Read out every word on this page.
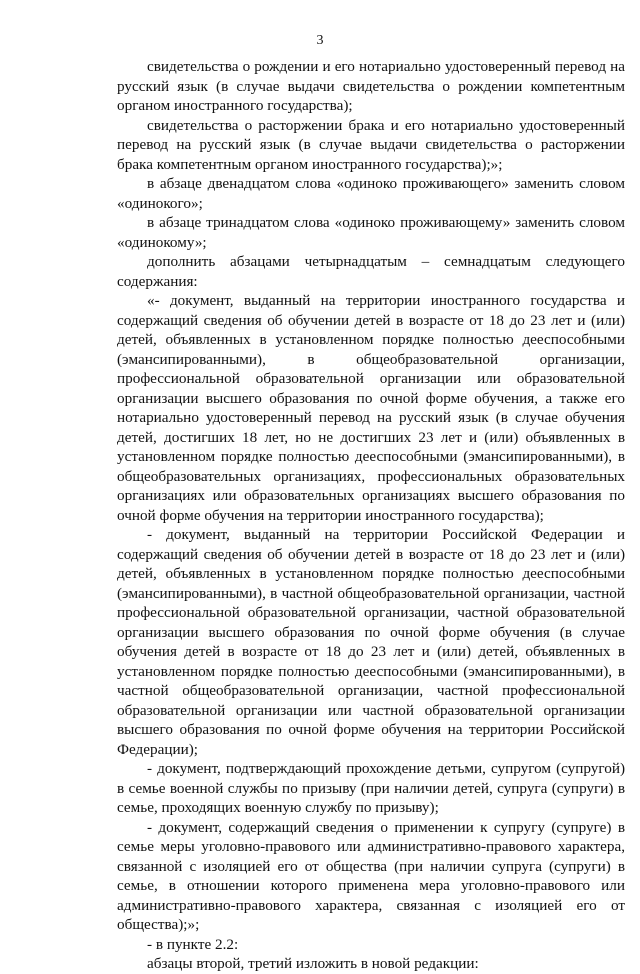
3

свидетельства о рождении и его нотариально удостоверенный перевод на русский язык (в случае выдачи свидетельства о рождении компетентным органом иностранного государства);

свидетельства о расторжении брака и его нотариально удостоверенный перевод на русский язык (в случае выдачи свидетельства о расторжении брака компетентным органом иностранного государства);»;

в абзаце двенадцатом слова «одиноко проживающего» заменить словом «одинокого»;

в абзаце тринадцатом слова «одиноко проживающему» заменить словом «одинокому»;

дополнить абзацами четырнадцатым – семнадцатым следующего содержания:

«- документ, выданный на территории иностранного государства и содержащий сведения об обучении детей в возрасте от 18 до 23 лет и (или) детей, объявленных в установленном порядке полностью дееспособными (эмансипированными), в общеобразовательной организации, профессиональной образовательной организации или образовательной организации высшего образования по очной форме обучения, а также его нотариально удостоверенный перевод на русский язык (в случае обучения детей, достигших 18 лет, но не достигших 23 лет и (или) объявленных в установленном порядке полностью дееспособными (эмансипированными), в общеобразовательных организациях, профессиональных образовательных организациях или образовательных организациях высшего образования по очной форме обучения на территории иностранного государства);

- документ, выданный на территории Российской Федерации и содержащий сведения об обучении детей в возрасте от 18 до 23 лет и (или) детей, объявленных в установленном порядке полностью дееспособными (эмансипированными), в частной общеобразовательной организации, частной профессиональной образовательной организации, частной образовательной организации высшего образования по очной форме обучения (в случае обучения детей в возрасте от 18 до 23 лет и (или) детей, объявленных в установленном порядке полностью дееспособными (эмансипированными), в частной общеобразовательной организации, частной профессиональной образовательной организации или частной образовательной организации высшего образования по очной форме обучения на территории Российской Федерации);

- документ, подтверждающий прохождение детьми, супругом (супругой) в семье военной службы по призыву (при наличии детей, супруга (супруги) в семье, проходящих военную службу по призыву);

- документ, содержащий сведения о применении к супругу (супруге) в семье меры уголовно-правового или административно-правового характера, связанной с изоляцией его от общества (при наличии супруга (супруги) в семье, в отношении которого применена мера уголовно-правового или административно-правового характера, связанная с изоляцией его от общества);»;

- в пункте 2.2:

абзацы второй, третий изложить в новой редакции:
